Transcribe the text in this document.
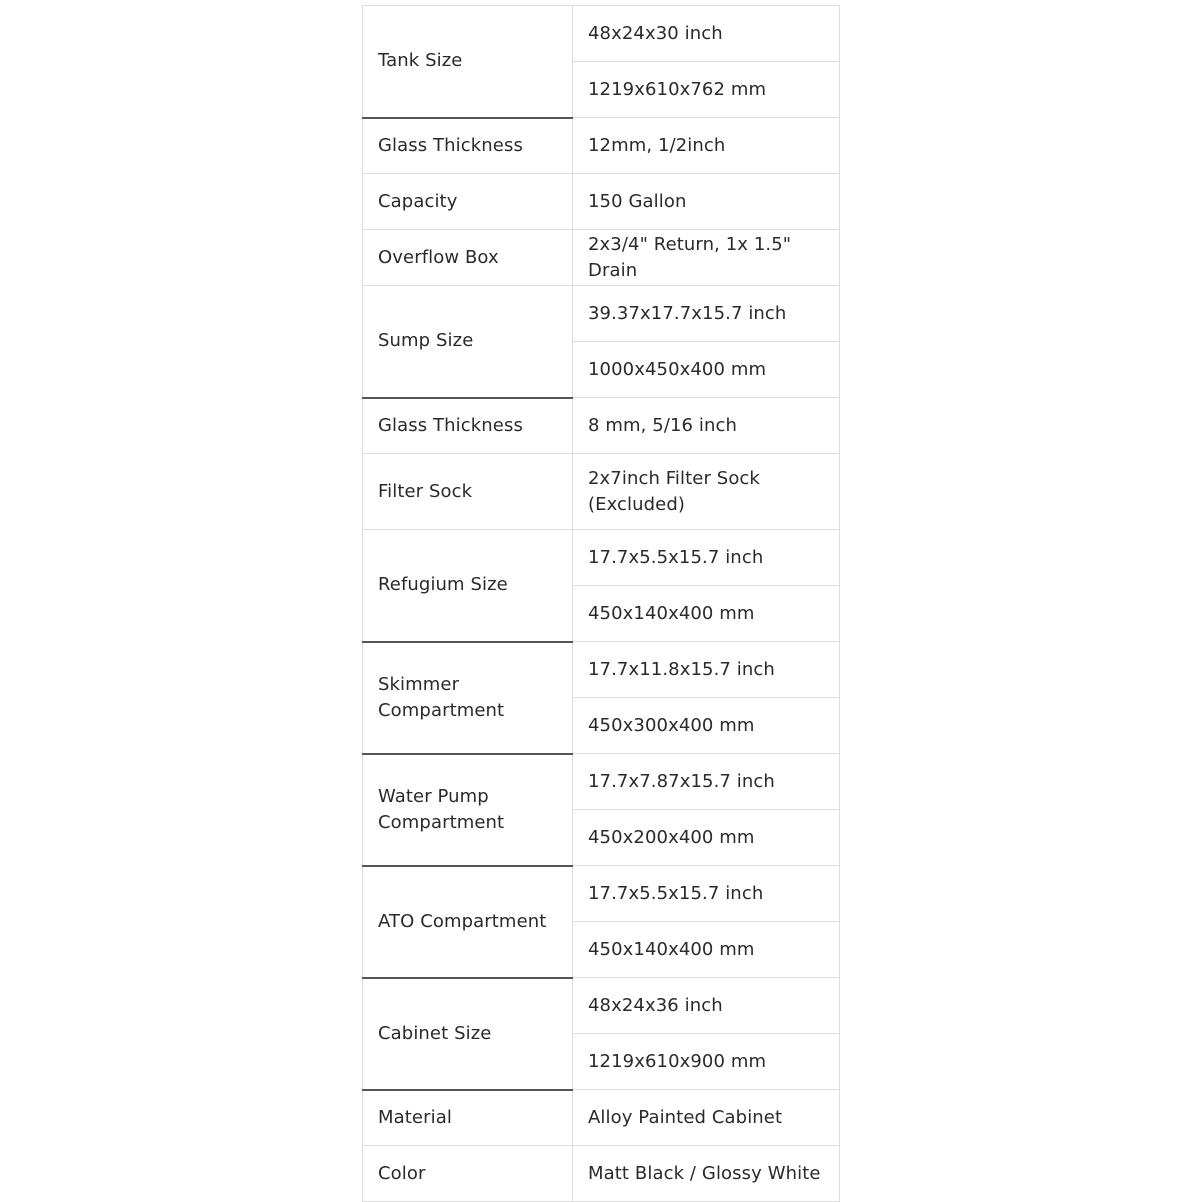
Tank Size	48x24x30 inch
	1219x610x762 mm
Glass Thickness	12mm, 1/2inch
Capacity	150 Gallon
Overflow Box	2x3/4" Return, 1x 1.5" Drain
Sump Size	39.37x17.7x15.7 inch
	1000x450x400 mm
Glass Thickness	8 mm, 5/16 inch
Filter Sock	2x7inch Filter Sock (Excluded)
Refugium Size	17.7x5.5x15.7 inch
	450x140x400 mm
Skimmer Compartment	17.7x11.8x15.7 inch
	450x300x400 mm
Water Pump Compartment	17.7x7.87x15.7 inch
	450x200x400 mm
ATO Compartment	17.7x5.5x15.7 inch
	450x140x400 mm
Cabinet Size	48x24x36 inch
	1219x610x900 mm
Material	Alloy Painted Cabinet
Color	Matt Black / Glossy White
